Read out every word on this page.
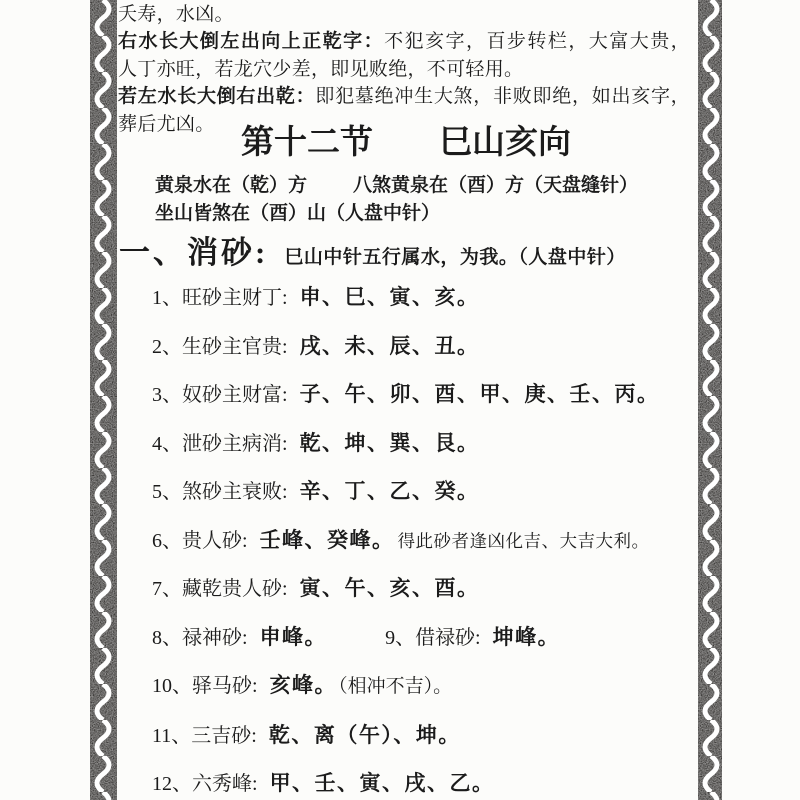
夭寿，水凶。
右水长大倒左出向上正乾字：不犯亥字，百步转栏，大富大贵，
人丁亦旺，若龙穴少差，即见败绝，不可轻用。
若左水长大倒右出乾：即犯墓绝冲生大煞，非败即绝，如出亥字，
葬后尤凶。
第十二节　　巳山亥向
黄泉水在（乾）方 八煞黄泉在（酉）方（天盘缝针）
坐山皆煞在（酉）山（人盘中针）
一、消砂: 巳山中针五行属水，为我。（人盘中针）
1、旺砂主财丁: 申、巳、寅、亥。
2、生砂主官贵: 戌、未、辰、丑。
3、奴砂主财富: 子、午、卯、酉、甲、庚、壬、丙。
4、泄砂主病消: 乾、坤、巽、艮。
5、煞砂主衰败: 辛、丁、乙、癸。
6、贵人砂: 壬峰、癸峰。 得此砂者逢凶化吉、大吉大利。
7、藏乾贵人砂: 寅、午、亥、酉。
8、禄神砂: 申峰。	9、借禄砂: 坤峰。
10、驿马砂: 亥峰。（相冲不吉）。
11、三吉砂: 乾、离（午）、坤。
12、六秀峰: 甲、壬、寅、戌、乙。
